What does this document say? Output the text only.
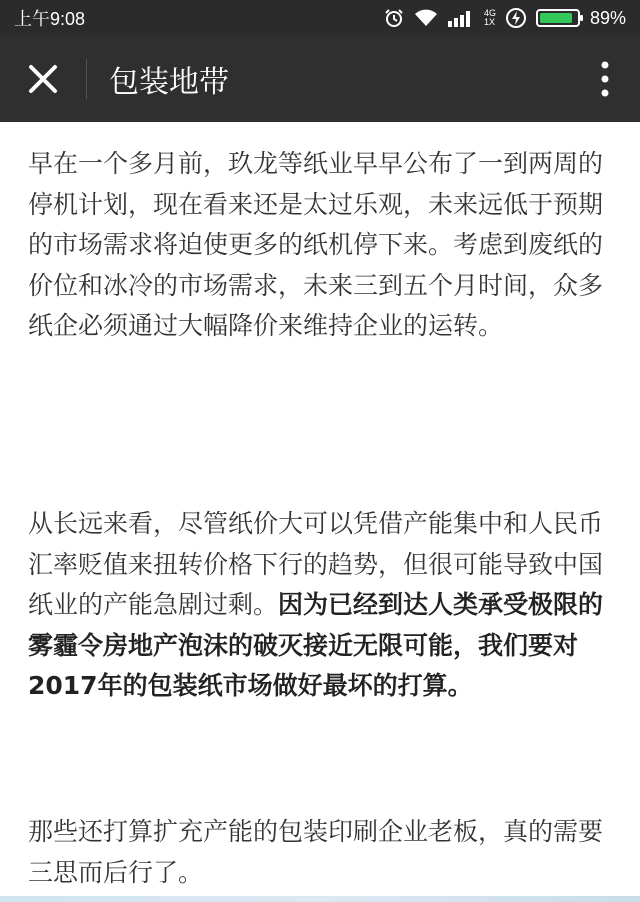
上午9:08	4G
1X	89%
包装地带

早在一个多月前，玖龙等纸业早早公布了一到两周的停机计划，现在看来还是太过乐观，未来远低于预期的市场需求将迫使更多的纸机停下来。考虑到废纸的价位和冰冷的市场需求，未来三到五个月时间，众多纸企必须通过大幅降价来维持企业的运转。

从长远来看，尽管纸价大可以凭借产能集中和人民币汇率贬值来扭转价格下行的趋势，但很可能导致中国纸业的产能急剧过剩。因为已经到达人类承受极限的雾霾令房地产泡沫的破灭接近无限可能，我们要对2017年的包装纸市场做好最坏的打算。

那些还打算扩充产能的包装印刷企业老板，真的需要三思而后行了。
